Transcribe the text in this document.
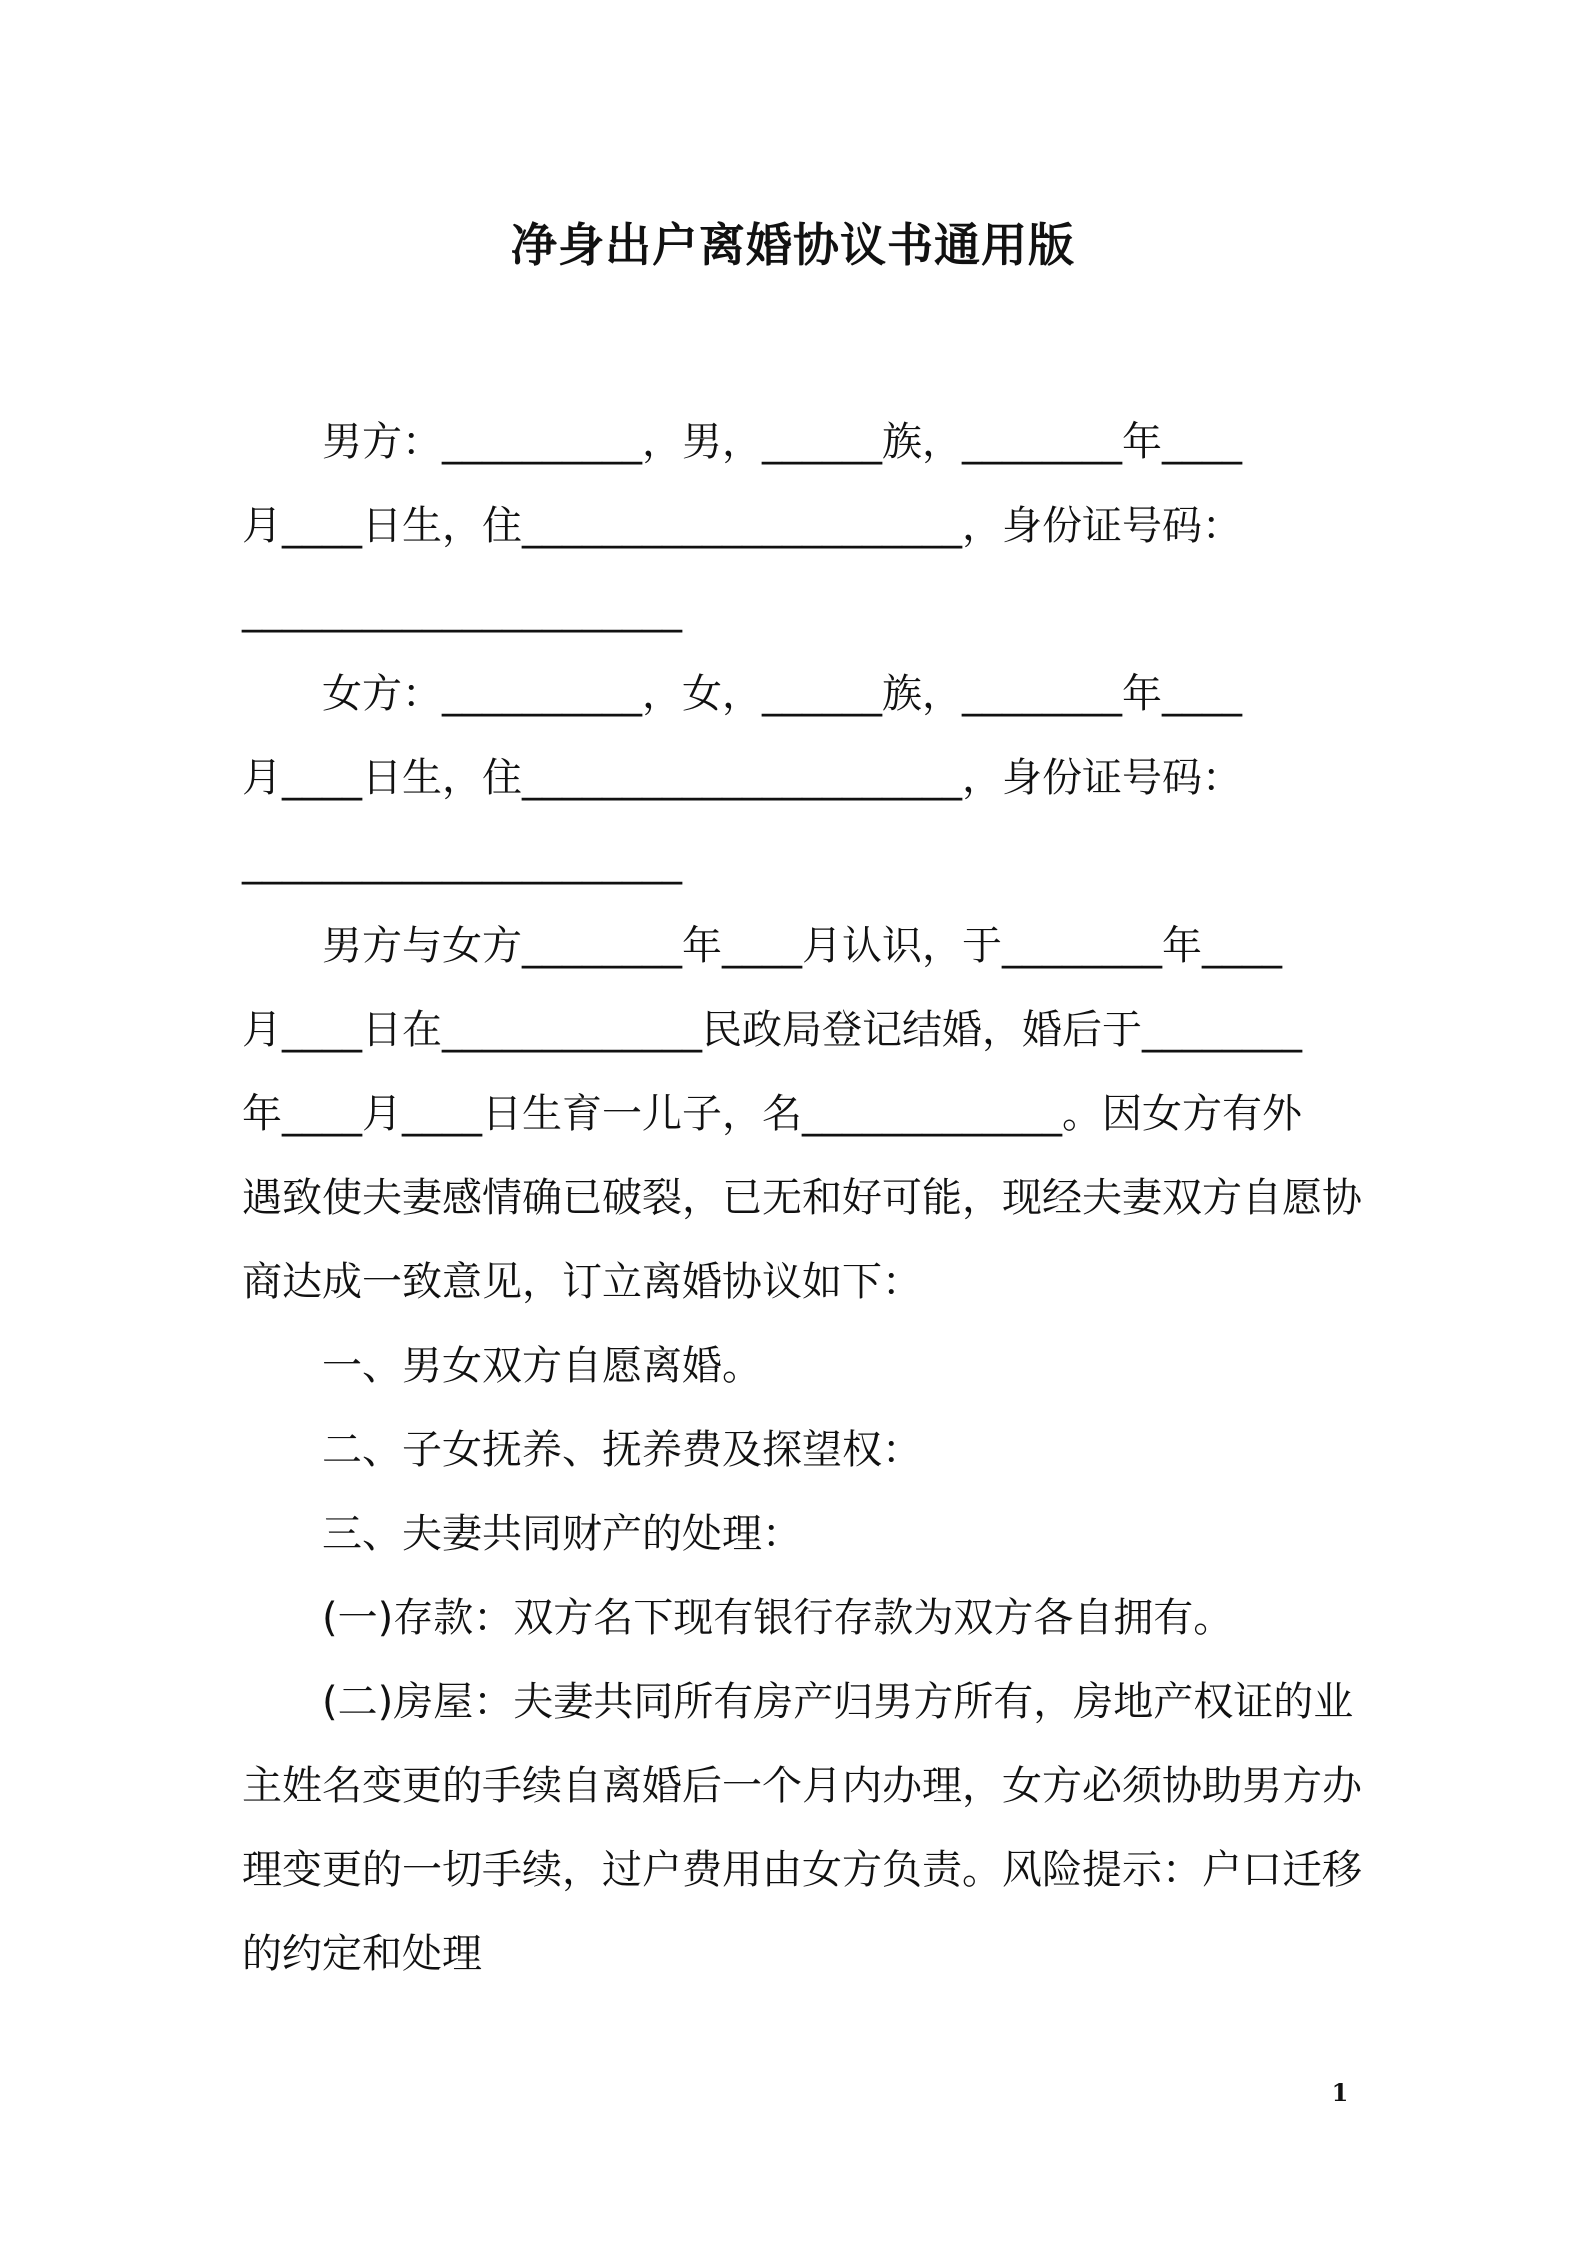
净身出户离婚协议书通用版
男方：__________，男，______族，________年____
月____日生，住______________________，身份证号码：
______________________
女方：__________，女，______族，________年____
月____日生，住______________________，身份证号码：
______________________
男方与女方________年____月认识，于________年____
月____日在_____________民政局登记结婚，婚后于________
年____月____日生育一儿子，名_____________。因女方有外
遇致使夫妻感情确已破裂，已无和好可能，现经夫妻双方自愿协
商达成一致意见，订立离婚协议如下：
一、男女双方自愿离婚。
二、子女抚养、抚养费及探望权：
三、夫妻共同财产的处理：
(一)存款：双方名下现有银行存款为双方各自拥有。
(二)房屋：夫妻共同所有房产归男方所有，房地产权证的业
主姓名变更的手续自离婚后一个月内办理，女方必须协助男方办
理变更的一切手续，过户费用由女方负责。风险提示：户口迁移
的约定和处理
1
